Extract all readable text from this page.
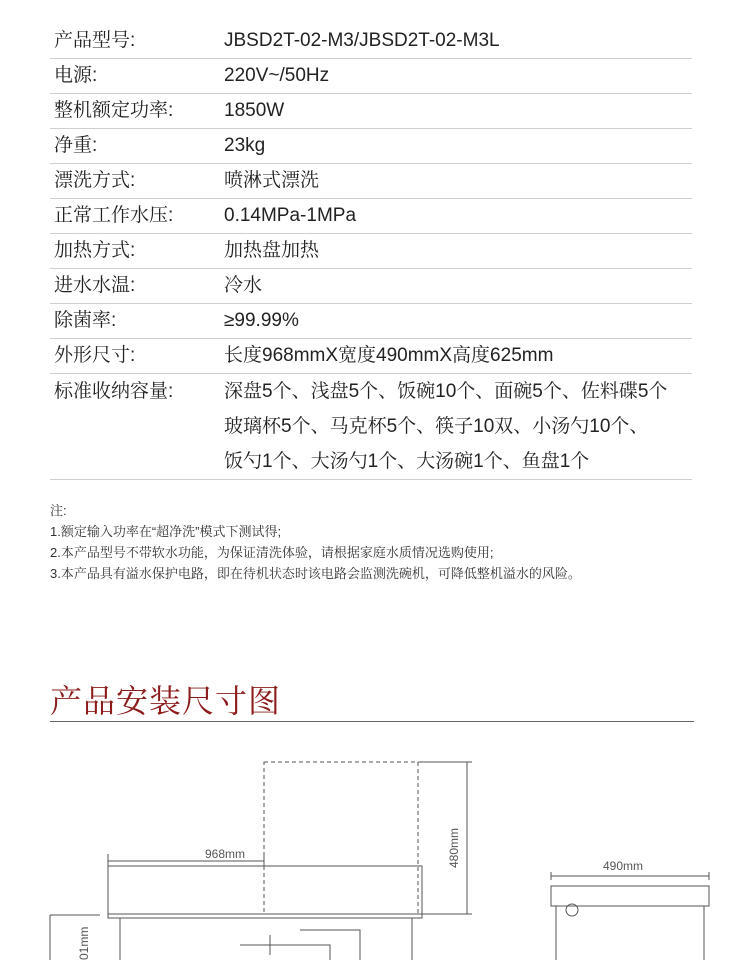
产品型号:	JBSD2T-02-M3/JBSD2T-02-M3L
电源:	220V~/50Hz
整机额定功率:	1850W
净重:	23kg
漂洗方式:	喷淋式漂洗
正常工作水压:	0.14MPa-1MPa
加热方式:	加热盘加热
进水水温:	冷水
除菌率:	≥99.99%
外形尺寸:	长度968mmX宽度490mmX高度625mm
标准收纳容量:	深盘5个、浅盘5个、饭碗10个、面碗5个、佐料碟5个
玻璃杯5个、马克杯5个、筷子10双、小汤勺10个、
饭勺1个、大汤勺1个、大汤碗1个、鱼盘1个
注:
1.额定输入功率在“超净洗”模式下测试得;
2.本产品型号不带软水功能，为保证清洗体验，请根据家庭水质情况选购使用;
3.本产品具有溢水保护电路，即在待机状态时该电路会监测洗碗机，可降低整机溢水的风险。
产品安装尺寸图
968mm	480mm	490mm
01mm
